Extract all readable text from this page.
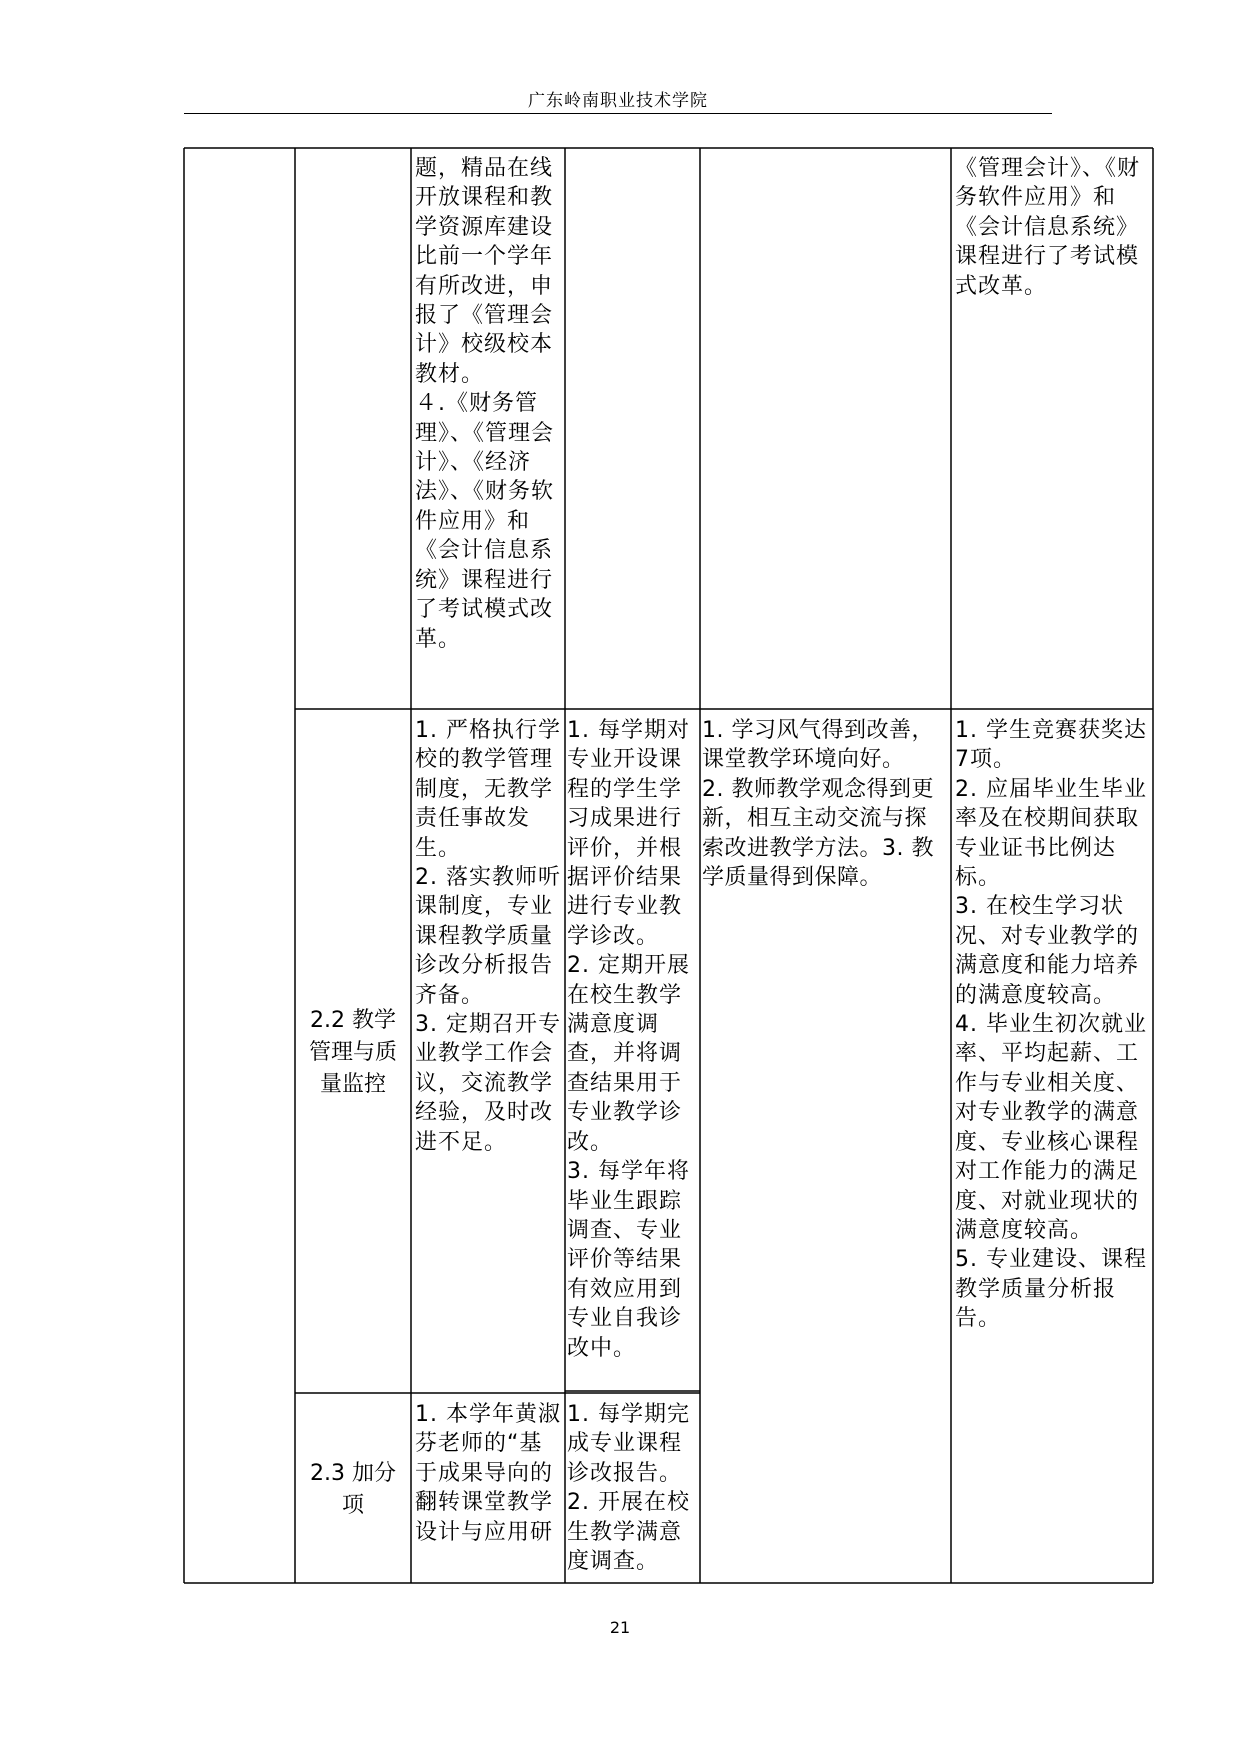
广东岭南职业技术学院

题，精品在线开放课程和教学资源库建设比前一个学年有所改进，申报了《管理会计》校级校本教材。

４.《财务管理》、《管理会计》、《经济法》、《财务软件应用》和《会计信息系统》课程进行了考试模式改革。

《管理会计》、《财务软件应用》和《会计信息系统》课程进行了考试模式改革。

2.2 教学管理与质量监控

1. 严格执行学校的教学管理制度，无教学责任事故发生。

2. 落实教师听课制度，专业课程教学质量诊改分析报告齐备。

3. 定期召开专业教学工作会议，交流教学经验，及时改进不足。

1. 每学期对专业开设课程的学生学习成果进行评价，并根据评价结果进行专业教学诊改。

2. 定期开展在校生教学满意度调查，并将调查结果用于专业教学诊改。

3. 每学年将毕业生跟踪调查、专业评价等结果有效应用到专业自我诊改中。

1. 学习风气得到改善，课堂教学环境向好。

2. 教师教学观念得到更新，相互主动交流与探索改进教学方法。3. 教学质量得到保障。

1. 学生竞赛获奖达7项。

2. 应届毕业生毕业率及在校期间获取专业证书比例达标。

3. 在校生学习状况、对专业教学的满意度和能力培养的满意度较高。

4. 毕业生初次就业率、平均起薪、工作与专业相关度、对专业教学的满意度、专业核心课程对工作能力的满足度、对就业现状的满意度较高。

5. 专业建设、课程教学质量分析报告。

2.3 加分项

1. 本学年黄淑芬老师的“基于成果导向的翻转课堂教学设计与应用研

1. 每学期完成专业课程诊改报告。

2. 开展在校生教学满意度调查。

21
